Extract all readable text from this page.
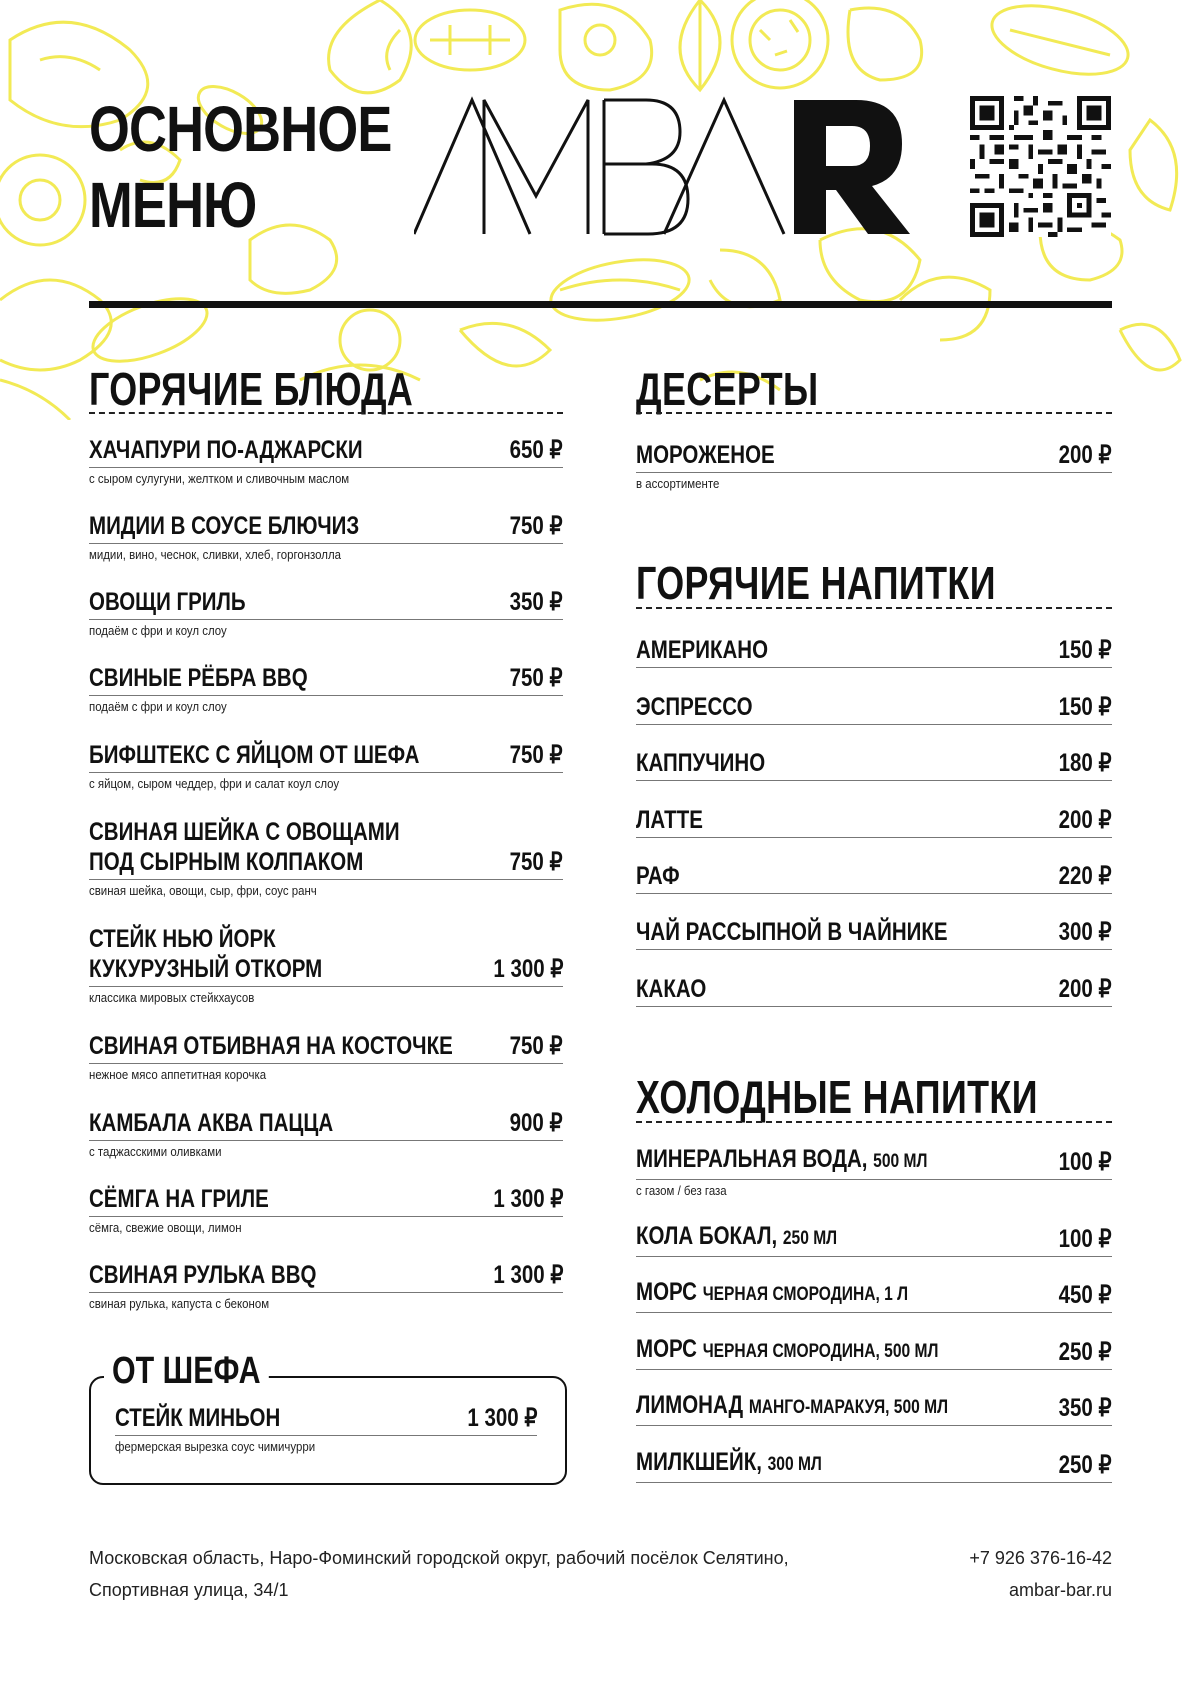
ОСНОВНОЕ
МЕНЮ
ГОРЯЧИЕ БЛЮДА
ХАЧАПУРИ ПО-АДЖАРСКИ	650 ₽
с сыром сулугуни, желтком и сливочным маслом
МИДИИ В СОУСЕ БЛЮЧИЗ	750 ₽
мидии, вино, чеснок, сливки, хлеб, горгонзолла
ОВОЩИ ГРИЛЬ	350 ₽
подаём с фри и коул слоу
СВИНЫЕ РЁБРА BBQ	750 ₽
подаём с фри и коул слоу
БИФШТЕКС С ЯЙЦОМ ОТ ШЕФА	750 ₽
с яйцом, сыром чеддер, фри и салат коул слоу
СВИНАЯ ШЕЙКА С ОВОЩАМИ
ПОД СЫРНЫМ КОЛПАКОМ	750 ₽
свиная шейка, овощи, сыр, фри, соус ранч
СТЕЙК НЬЮ ЙОРК
КУКУРУЗНЫЙ ОТКОРМ	1 300 ₽
классика мировых стейкхаусов
СВИНАЯ ОТБИВНАЯ НА КОСТОЧКЕ 750 ₽
нежное мясо аппетитная корочка
КАМБАЛА АКВА ПАЦЦА	900 ₽
с таджасскими оливками
СЁМГА НА ГРИЛЕ	1 300 ₽
сёмга, свежие овощи, лимон
СВИНАЯ РУЛЬКА BBQ	1 300 ₽
свиная рулька, капуста с беконом
ДЕСЕРТЫ
МОРОЖЕНОЕ	200 ₽
в ассортименте
ГОРЯЧИЕ НАПИТКИ
АМЕРИКАНО	150 ₽
ЭСПРЕССО	150 ₽
КАППУЧИНО	180 ₽
ЛАТТЕ	200 ₽
РАФ	220 ₽
ЧАЙ РАССЫПНОЙ В ЧАЙНИКЕ	300 ₽
КАКАО	200 ₽
ХОЛОДНЫЕ НАПИТКИ
МИНЕРАЛЬНАЯ ВОДА, 500 МЛ	100 ₽
с газом / без газа
КОЛА БОКАЛ, 250 МЛ	100 ₽
МОРС ЧЕРНАЯ СМОРОДИНА, 1 Л	450 ₽
МОРС ЧЕРНАЯ СМОРОДИНА, 500 МЛ	250 ₽
ЛИМОНАД МАНГО-МАРАКУЯ, 500 МЛ	350 ₽
МИЛКШЕЙК, 300 МЛ	250 ₽
ОТ ШЕФА
СТЕЙК МИНЬОН	1 300 ₽
фермерская вырезка соус чимичурри
Московская область, Наро-Фоминский городской округ, рабочий посёлок Селятино,
Спортивная улица, 34/1
+7 926 376-16-42
ambar-bar.ru
